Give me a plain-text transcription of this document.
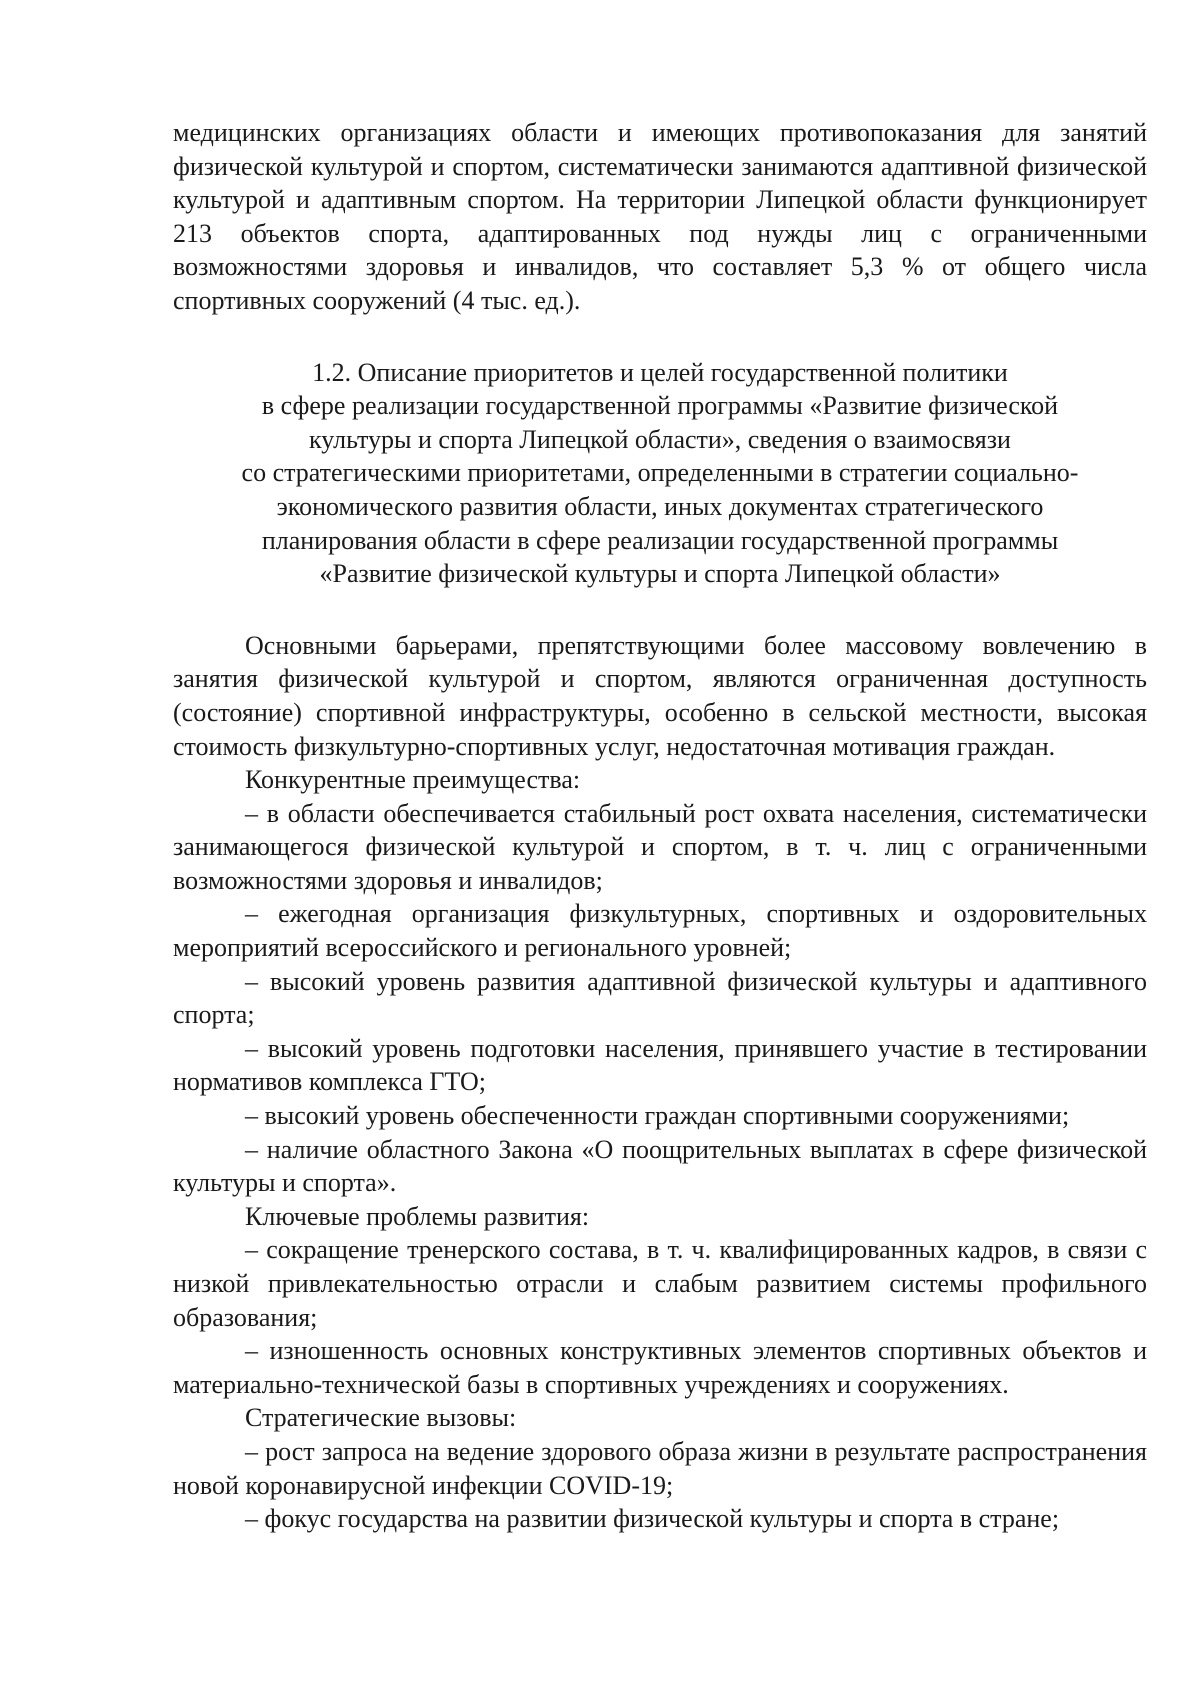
медицинских организациях области и имеющих противопоказания для занятий физической культурой и спортом, систематически занимаются адаптивной физической культурой и адаптивным спортом. На территории Липецкой области функционирует 213 объектов спорта, адаптированных под нужды лиц с ограниченными возможностями здоровья и инвалидов, что составляет 5,3 % от общего числа спортивных сооружений (4 тыс. ед.).

1.2. Описание приоритетов и целей государственной политики
в сфере реализации государственной программы «Развитие физической
культуры и спорта Липецкой области», сведения о взаимосвязи
со стратегическими приоритетами, определенными в стратегии социально-
экономического развития области, иных документах стратегического
планирования области в сфере реализации государственной программы
«Развитие физической культуры и спорта Липецкой области»

Основными барьерами, препятствующими более массовому вовлечению в занятия физической культурой и спортом, являются ограниченная доступность (состояние) спортивной инфраструктуры, особенно в сельской местности, высокая стоимость физкультурно-спортивных услуг, недостаточная мотивация граждан.

Конкурентные преимущества:

– в области обеспечивается стабильный рост охвата населения, систематически занимающегося физической культурой и спортом, в т. ч. лиц с ограниченными возможностями здоровья и инвалидов;

– ежегодная организация физкультурных, спортивных и оздоровительных мероприятий всероссийского и регионального уровней;

– высокий уровень развития адаптивной физической культуры и адаптивного спорта;

– высокий уровень подготовки населения, принявшего участие в тестировании нормативов комплекса ГТО;

– высокий уровень обеспеченности граждан спортивными сооружениями;

– наличие областного Закона «О поощрительных выплатах в сфере физической культуры и спорта».

Ключевые проблемы развития:

– сокращение тренерского состава, в т. ч. квалифицированных кадров, в связи с низкой привлекательностью отрасли и слабым развитием системы профильного образования;

– изношенность основных конструктивных элементов спортивных объектов и материально-технической базы в спортивных учреждениях и сооружениях.

Стратегические вызовы:

– рост запроса на ведение здорового образа жизни в результате распространения новой коронавирусной инфекции COVID-19;

– фокус государства на развитии физической культуры и спорта в стране;
